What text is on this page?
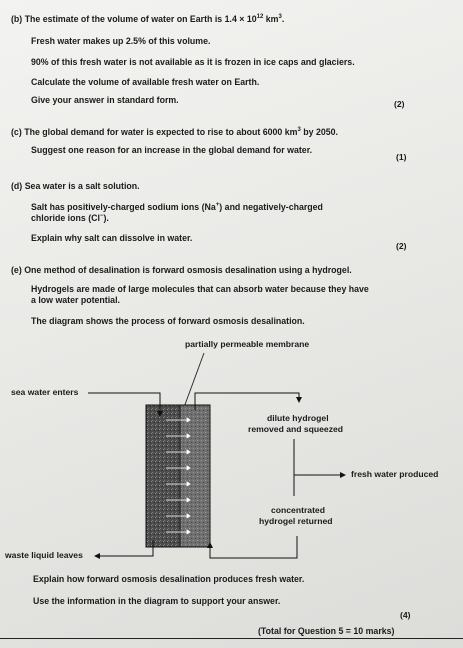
(b) The estimate of the volume of water on Earth is $1.4 \times 10^{12}$ $km^3$.
Fresh water makes up 2.5% of this volume.
90% of this fresh water is not available as it is frozen in ice caps and glaciers.
Calculate the volume of available fresh water on Earth.
Give your answer in standard form.	(2)
(c) The global demand for water is expected to rise to about 6000 $km^3$ by 2050.
Suggest one reason for an increase in the global demand for water.
(1)
(d) Sea water is a salt solution.
Salt has positively-charged sodium ions (Na+) and negatively-charged
chloride ions (Cl−).
Explain why salt can dissolve in water.
(2)
(e) One method of desalination is forward osmosis desalination using a hydrogel.
Hydrogels are made of large molecules that can absorb water because they have
a low water potential.
The diagram shows the process of forward osmosis desalination.
partially permeable membrane
sea water enters
dilute hydrogel
removed and squeezed
fresh water produced
concentrated
hydrogel returned
waste liquid leaves
Explain how forward osmosis desalination produces fresh water.
Use the information in the diagram to support your answer.
(4)
(Total for Question 5 = 10 marks)
